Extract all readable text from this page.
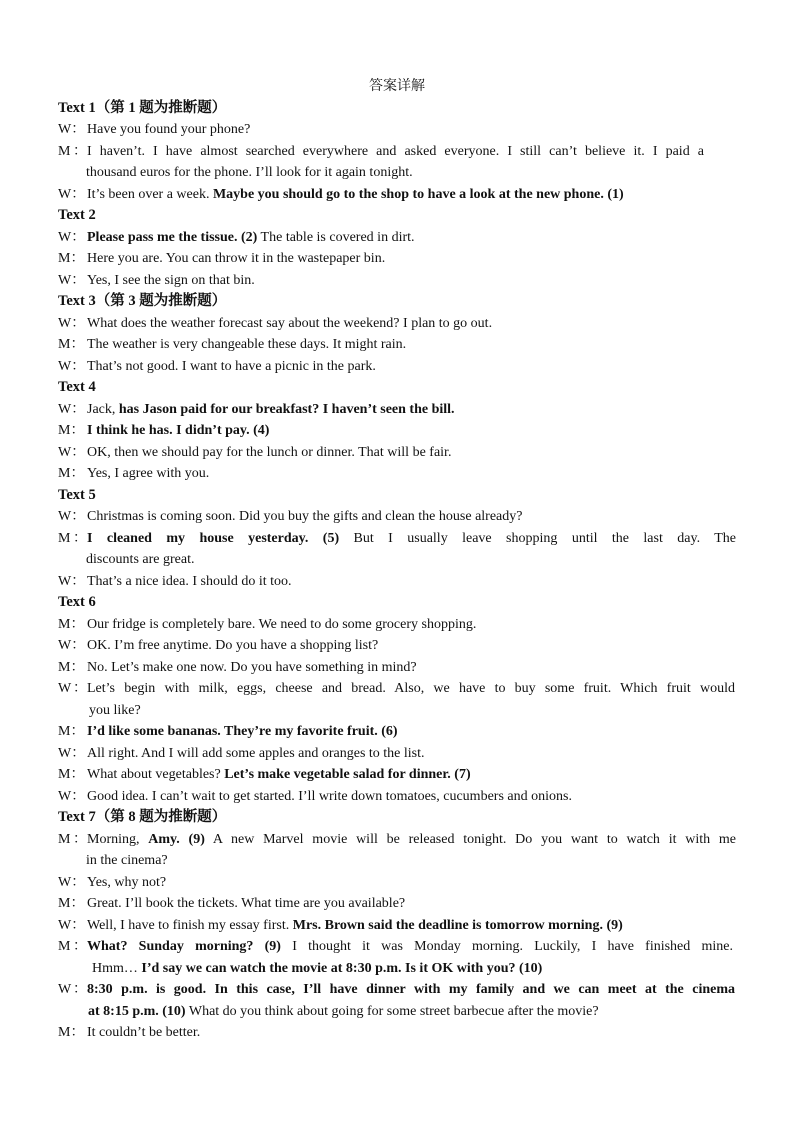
答案详解
Text 1（第 1 题为推断题）
W： Have you found your phone?
M：I haven’t. I have almost searched everywhere and asked everyone. I still can’t believe it. I paid a
thousand euros for the phone. I’ll look for it again tonight.
W： It’s been over a week. Maybe you should go to the shop to have a look at the new phone. (1)
Text 2
W： Please pass me the tissue. (2) The table is covered in dirt.
M： Here you are. You can throw it in the wastepaper bin.
W： Yes, I see the sign on that bin.
Text 3（第 3 题为推断题）
W： What does the weather forecast say about the weekend? I plan to go out.
M： The weather is very changeable these days. It might rain.
W： That’s not good. I want to have a picnic in the park.
Text 4
W： Jack, has Jason paid for our breakfast? I haven’t seen the bill.
M： I think he has. I didn’t pay. (4)
W： OK, then we should pay for the lunch or dinner. That will be fair.
M： Yes, I agree with you.
Text 5
W： Christmas is coming soon. Did you buy the gifts and clean the house already?
M：I cleaned my house yesterday. (5) But I usually leave shopping until the last day. The
discounts are great.
W： That’s a nice idea. I should do it too.
Text 6
M： Our fridge is completely bare. We need to do some grocery shopping.
W： OK. I’m free anytime. Do you have a shopping list?
M： No. Let’s make one now. Do you have something in mind?
W：Let’s begin with milk, eggs, cheese and bread. Also, we have to buy some fruit. Which fruit would
you like?
M： I’d like some bananas. They’re my favorite fruit. (6)
W： All right. And I will add some apples and oranges to the list.
M： What about vegetables? Let’s make vegetable salad for dinner. (7)
W： Good idea. I can’t wait to get started. I’ll write down tomatoes, cucumbers and onions.
Text 7（第 8 题为推断题）
M：Morning, Amy. (9) A new Marvel movie will be released tonight. Do you want to watch it with me
in the cinema?
W： Yes, why not?
M： Great. I’ll book the tickets. What time are you available?
W： Well, I have to finish my essay first. Mrs. Brown said the deadline is tomorrow morning. (9)
M：What? Sunday morning? (9) I thought it was Monday morning. Luckily, I have finished mine.
Hmm… I’d say we can watch the movie at 8:30 p.m. Is it OK with you? (10)
W：8:30 p.m. is good. In this case, I’ll have dinner with my family and we can meet at the cinema
at 8:15 p.m. (10) What do you think about going for some street barbecue after the movie?
M： It couldn’t be better.
